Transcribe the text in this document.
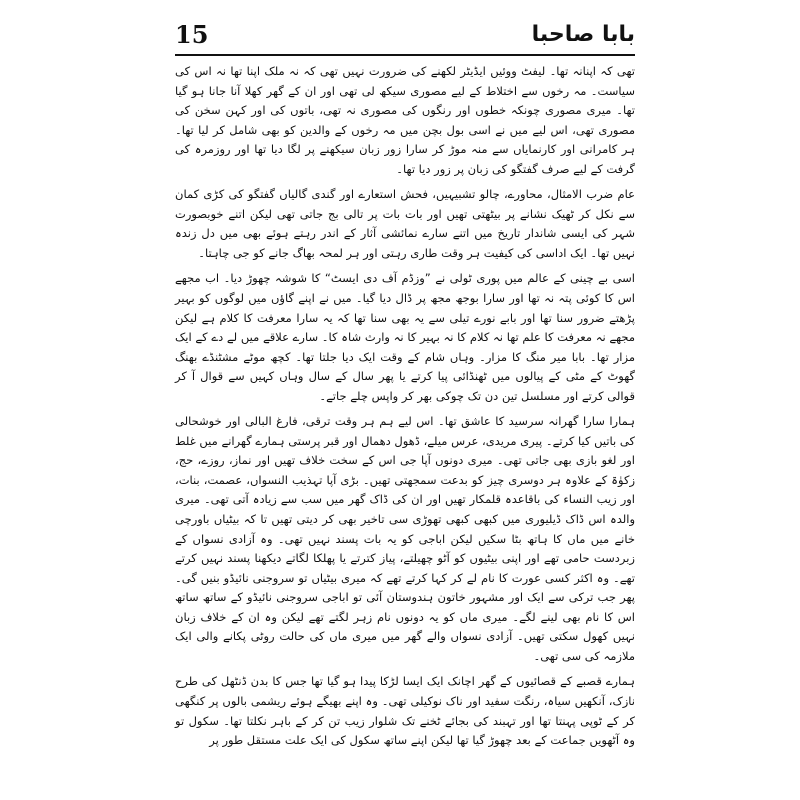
15	بابا صاحبا

تھی کہ اپنانہ تھا۔ لیفٹ ووئیں ایڈیٹر لکھنے کی ضرورت نہیں تھی کہ نہ ملک اپنا تھا نہ اس کی سیاست۔ مہ رخوں سے اختلاط کے لیے مصوری سیکھ لی تھی اور ان کے گھر کھلا آنا جانا ہو گیا تھا۔ میری مصوری چونکہ خطوں اور رنگوں کی مصوری نہ تھی، باتوں کی اور کہن سخن کی مصوری تھی، اس لیے میں نے اسی بول بچن میں مہ رخوں کے والدین کو بھی شامل کر لیا تھا۔ ہر کامرانی اور کارنمایاں سے منہ موڑ کر سارا زور زبان سیکھنے پر لگا دیا تھا اور روزمرہ کی گرفت کے لیے صرف گفتگو کی زبان پر زور دیا تھا۔

عام ضرب الامثال، محاورے، چالو تشبیہیں، فحش استعارے اور گندی گالیاں گفتگو کی کڑی کمان سے نکل کر ٹھیک نشانے پر بیٹھتی تھیں اور بات بات پر تالی بج جاتی تھی لیکن اتنے خوبصورت شہر کی ایسی شاندار تاریخ میں اتنے سارے نمائشی آثار کے اندر رہتے ہوئے بھی میں دل زندہ نہیں تھا۔ ایک اداسی کی کیفیت ہر وقت طاری رہتی اور ہر لمحہ بھاگ جانے کو جی چاہتا۔

اسی بے چینی کے عالم میں پوری ٹولی نے ”وزڈم آف دی ایسٹ“ کا شوشہ چھوڑ دیا۔ اب مجھے اس کا کوئی پتہ نہ تھا اور سارا بوجھ مجھ پر ڈال دیا گیا۔ میں نے اپنے گاؤں میں لوگوں کو بہیر پڑھتے ضرور سنا تھا اور بابے نورے تیلی سے یہ بھی سنا تھا کہ یہ سارا معرفت کا کلام ہے لیکن مجھے نہ معرفت کا علم تھا نہ کلام کا نہ بہیر کا نہ وارث شاہ کا۔ سارے علاقے میں لے دے کے ایک مزار تھا۔ بابا میر منگ کا مزار۔ وہاں شام کے وقت ایک دیا جلتا تھا۔ کچھ موٹے مشٹنڈے بھنگ گھوٹ کے مٹی کے پیالوں میں ٹھنڈائی پیا کرتے یا پھر سال کے سال وہاں کہیں سے قوال آ کر قوالی کرتے اور مسلسل تین دن تک چوکی بھر کر واپس چلے جاتے۔

ہمارا سارا گھرانہ سرسید کا عاشق تھا۔ اس لیے ہم ہر وقت ترقی، فارغ البالی اور خوشحالی کی باتیں کیا کرتے۔ پیری مریدی، عرس میلے، ڈھول دھمال اور قبر پرستی ہمارے گھرانے میں غلط اور لغو بازی بھی جاتی تھی۔ میری دونوں آپا جی اس کے سخت خلاف تھیں اور نماز، روزے، حج، زکوٰۃ کے علاوہ ہر دوسری چیز کو بدعت سمجھتی تھیں۔ بڑی آپا تہذیب النسواں، عصمت، بنات، اور زیب النساء کی باقاعدہ قلمکار تھیں اور ان کی ڈاک گھر میں سب سے زیادہ آتی تھی۔ میری والدہ اس ڈاک ڈیلیوری میں کبھی کبھی تھوڑی سی تاخیر بھی کر دیتی تھیں تا کہ بیٹیاں باورچی خانے میں ماں کا ہاتھ بٹا سکیں لیکن اباجی کو یہ بات پسند نہیں تھی۔ وہ آزادی نسواں کے زبردست حامی تھے اور اپنی بیٹیوں کو آٹو چھیلتے، پیاز کترتے یا پھلکا لگاتے دیکھنا پسند نہیں کرتے تھے۔ وہ اکثر کسی عورت کا نام لے کر کہا کرتے تھے کہ میری بیٹیاں تو سروجنی نائیڈو بنیں گی۔ پھر جب ترکی سے ایک اور مشہور خاتون ہندوستان آئی تو اباجی سروجنی نائیڈو کے ساتھ ساتھ اس کا نام بھی لینے لگے۔ میری ماں کو یہ دونوں نام زہر لگتے تھے لیکن وہ ان کے خلاف زبان نہیں کھول سکتی تھیں۔ آزادی نسواں والے گھر میں میری ماں کی حالت روٹی پکانے والی ایک ملازمہ کی سی تھی۔

ہمارے قصبے کے قصائیوں کے گھر اچانک ایک ایسا لڑکا پیدا ہو گیا تھا جس کا بدن ڈنٹھل کی طرح نازک، آنکھیں سیاہ، رنگت سفید اور ناک نوکیلی تھی۔ وہ اپنے بھیگے ہوئے ریشمی بالوں پر کنگھی کر کے ٹوپی پہنتا تھا اور تہبند کی بجائے ٹخنے تک شلوار زیب تن کر کے باہر نکلتا تھا۔ سکول تو وہ آٹھویں جماعت کے بعد چھوڑ گیا تھا لیکن اپنے ساتھ سکول کی ایک علت مستقل طور پر
